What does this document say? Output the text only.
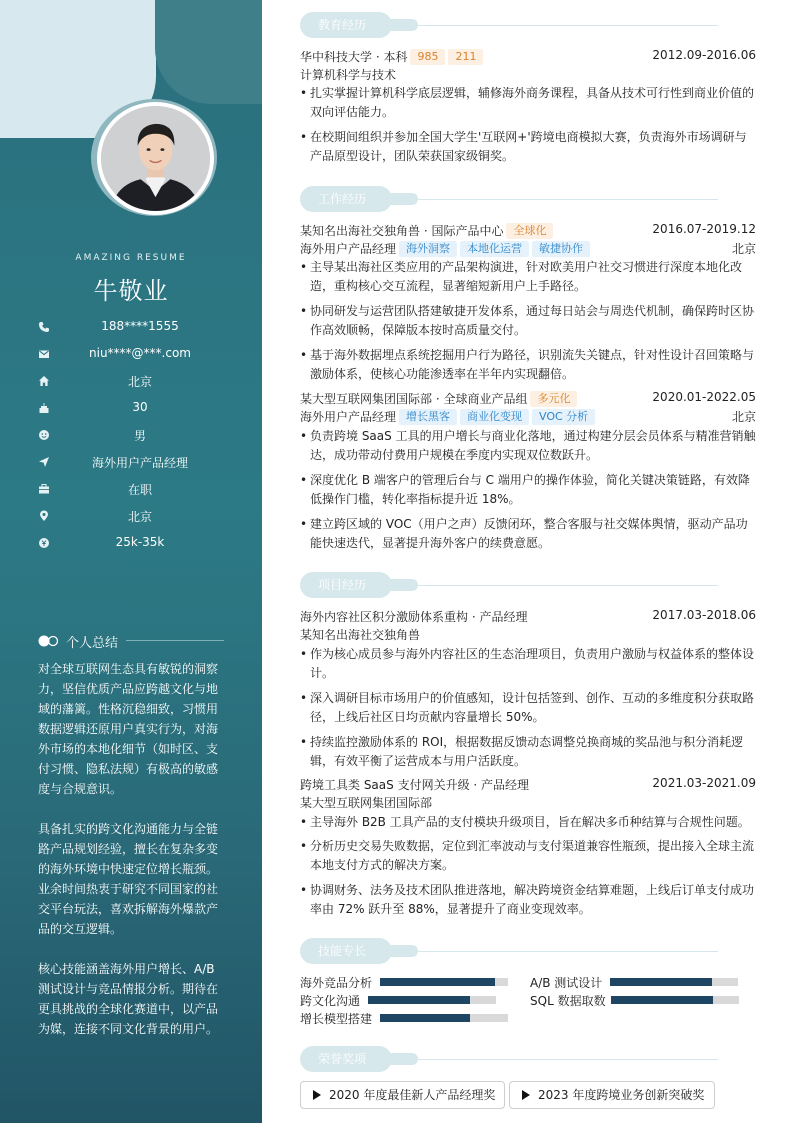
AMAZING RESUME
牛敬业
188****1555
niu****@***.com
北京
30
男
海外用户产品经理
在职
北京
25k-35k
个人总结
对全球互联网生态具有敏锐的洞察力，坚信优质产品应跨越文化与地域的藩篱。性格沉稳细致，习惯用数据逻辑还原用户真实行为，对海外市场的本地化细节（如时区、支付习惯、隐私法规）有极高的敏感度与合规意识。
具备扎实的跨文化沟通能力与全链路产品规划经验，擅长在复杂多变的海外环境中快速定位增长瓶颈。业余时间热衷于研究不同国家的社交平台玩法，喜欢拆解海外爆款产品的交互逻辑。
核心技能涵盖海外用户增长、A/B测试设计与竞品情报分析。期待在更具挑战的全球化赛道中，以产品为媒，连接不同文化背景的用户。
教育经历
华中科技大学 · 本科 985 211	2012.09-2016.06
计算机科学与技术
• 扎实掌握计算机科学底层逻辑，辅修海外商务课程，具备从技术可行性到商业价值的双向评估能力。
• 在校期间组织并参加全国大学生'互联网+'跨境电商模拟大赛，负责海外市场调研与产品原型设计，团队荣获国家级铜奖。
工作经历
某知名出海社交独角兽 · 国际产品中心 全球化	2016.07-2019.12
海外用户产品经理 海外洞察 本地化运营 敏捷协作	北京
• 主导某出海社区类应用的产品架构演进，针对欧美用户社交习惯进行深度本地化改造，重构核心交互流程，显著缩短新用户上手路径。
• 协同研发与运营团队搭建敏捷开发体系，通过每日站会与周迭代机制，确保跨时区协作高效顺畅，保障版本按时高质量交付。
• 基于海外数据埋点系统挖掘用户行为路径，识别流失关键点，针对性设计召回策略与激励体系，使核心功能渗透率在半年内实现翻倍。
某大型互联网集团国际部 · 全球商业产品组 多元化	2020.01-2022.05
海外用户产品经理 增长黑客 商业化变现 VOC 分析	北京
• 负责跨境 SaaS 工具的用户增长与商业化落地，通过构建分层会员体系与精准营销触达，成功带动付费用户规模在季度内实现双位数跃升。
• 深度优化 B 端客户的管理后台与 C 端用户的操作体验，简化关键决策链路，有效降低操作门槛，转化率指标提升近 18%。
• 建立跨区域的 VOC（用户之声）反馈闭环，整合客服与社交媒体舆情，驱动产品功能快速迭代，显著提升海外客户的续费意愿。
项目经历
海外内容社区积分激励体系重构 · 产品经理	2017.03-2018.06
某知名出海社交独角兽
• 作为核心成员参与海外内容社区的生态治理项目，负责用户激励与权益体系的整体设计。
• 深入调研目标市场用户的价值感知，设计包括签到、创作、互动的多维度积分获取路径，上线后社区日均贡献内容量增长 50%。
• 持续监控激励体系的 ROI，根据数据反馈动态调整兑换商城的奖品池与积分消耗逻辑，有效平衡了运营成本与用户活跃度。
跨境工具类 SaaS 支付网关升级 · 产品经理	2021.03-2021.09
某大型互联网集团国际部
• 主导海外 B2B 工具产品的支付模块升级项目，旨在解决多币种结算与合规性问题。
• 分析历史交易失败数据，定位到汇率波动与支付渠道兼容性瓶颈，提出接入全球主流本地支付方式的解决方案。
• 协调财务、法务及技术团队推进落地，解决跨境资金结算难题，上线后订单支付成功率由 72% 跃升至 88%，显著提升了商业变现效率。
技能专长
海外竞品分析	A/B 测试设计
跨文化沟通	SQL 数据取数
增长模型搭建
荣誉奖项
2020 年度最佳新人产品经理奖	2023 年度跨境业务创新突破奖
